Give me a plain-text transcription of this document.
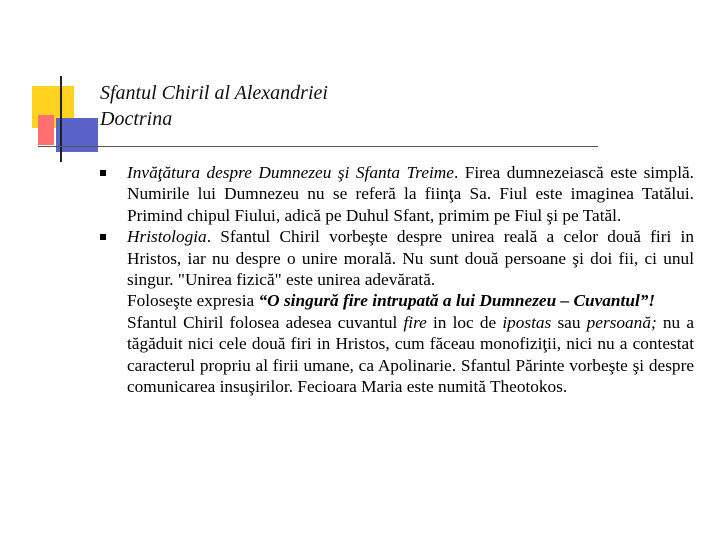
Sfantul Chiril al Alexandriei
Doctrina
Invăţătura despre Dumnezeu şi Sfanta Treime. Firea dumnezeiască este simplă. Numirile lui Dumnezeu nu se referă la fiinţa Sa. Fiul este imaginea Tatălui. Primind chipul Fiului, adică pe Duhul Sfant, primim pe Fiul şi pe Tatăl.
Hristologia. Sfantul Chiril vorbeşte despre unirea reală a celor două firi in Hristos, iar nu despre o unire morală. Nu sunt două persoane şi doi fii, ci unul singur. "Unirea fizică" este unirea adevărată.
Foloseşte expresia “O singură fire intrupată a lui Dumnezeu – Cuvantul”!
Sfantul Chiril folosea adesea cuvantul fire in loc de ipostas sau persoană; nu a tăgăduit nici cele două firi in Hristos, cum făceau monofiziţii, nici nu a contestat caracterul propriu al firii umane, ca Apolinarie. Sfantul Părinte vorbeşte şi despre comunicarea insuşirilor. Fecioara Maria este numită Theotokos.
